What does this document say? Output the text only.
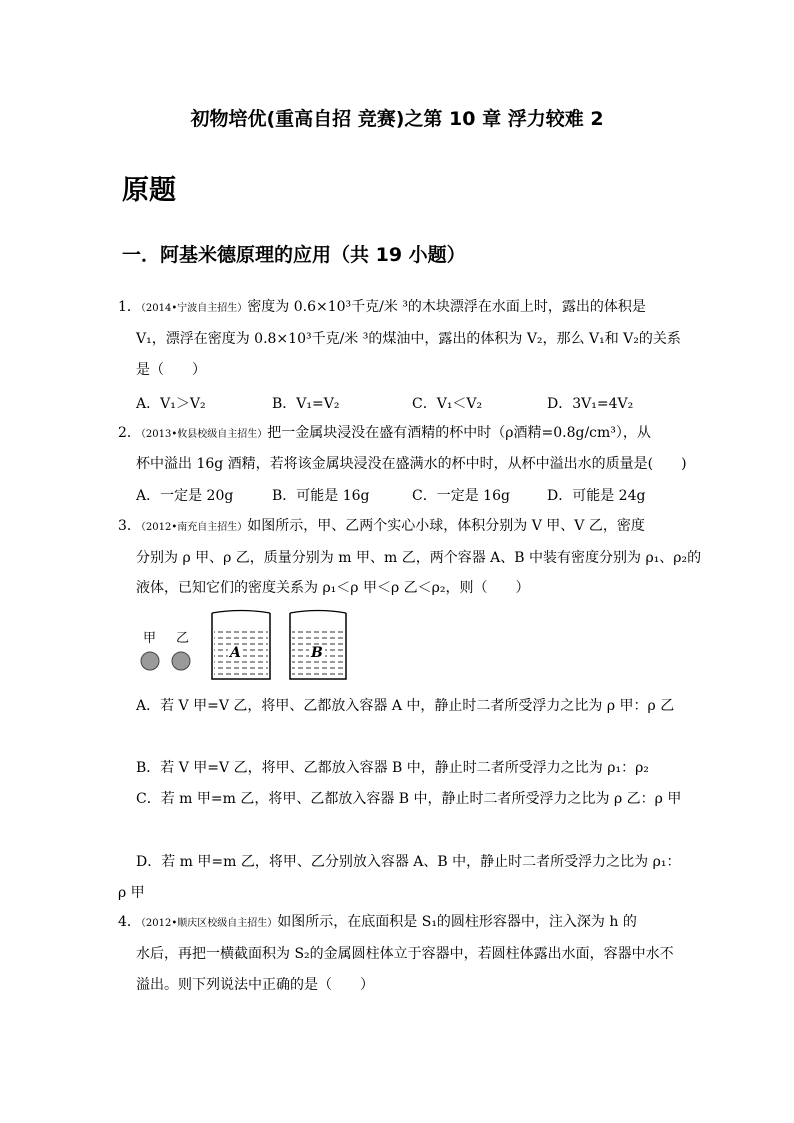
初物培优(重高自招 竞赛)之第 10 章 浮力较难 2
原题
一．阿基米德原理的应用（共 19 小题）
1．（2014•宁波自主招生）密度为 0.6×10³千克/米 ³的木块漂浮在水面上时，露出的体积是
V₁，漂浮在密度为 0.8×10³千克/米 ³的煤油中，露出的体积为 V₂，那么 V₁和 V₂的关系
是（　　）
A．V₁＞V₂	B．V₁=V₂	C．V₁＜V₂	D．3V₁=4V₂
2．（2013•攸县校级自主招生）把一金属块浸没在盛有酒精的杯中时（ρ酒精=0.8g/cm³），从
杯中溢出 16g 酒精，若将该金属块浸没在盛满水的杯中时，从杯中溢出水的质量是(　　)
A．一定是 20g	B．可能是 16g	C．一定是 16g	D．可能是 24g
3．（2012•南充自主招生）如图所示，甲、乙两个实心小球，体积分别为 V 甲、V 乙，密度
分别为 ρ 甲、ρ 乙，质量分别为 m 甲、m 乙，两个容器 A、B 中装有密度分别为 ρ₁、ρ₂的
液体，已知它们的密度关系为 ρ₁＜ρ 甲＜ρ 乙＜ρ₂，则（　　）
甲 乙
A	B
A．若 V 甲=V 乙，将甲、乙都放入容器 A 中，静止时二者所受浮力之比为 ρ 甲：ρ 乙
B．若 V 甲=V 乙，将甲、乙都放入容器 B 中，静止时二者所受浮力之比为 ρ₁：ρ₂
C．若 m 甲=m 乙，将甲、乙都放入容器 B 中，静止时二者所受浮力之比为 ρ 乙：ρ 甲
D．若 m 甲=m 乙，将甲、乙分别放入容器 A、B 中，静止时二者所受浮力之比为 ρ₁：
ρ 甲
4．（2012•顺庆区校级自主招生）如图所示，在底面积是 S₁的圆柱形容器中，注入深为 h 的
水后，再把一横截面积为 S₂的金属圆柱体立于容器中，若圆柱体露出水面，容器中水不
溢出。则下列说法中正确的是（　　）
